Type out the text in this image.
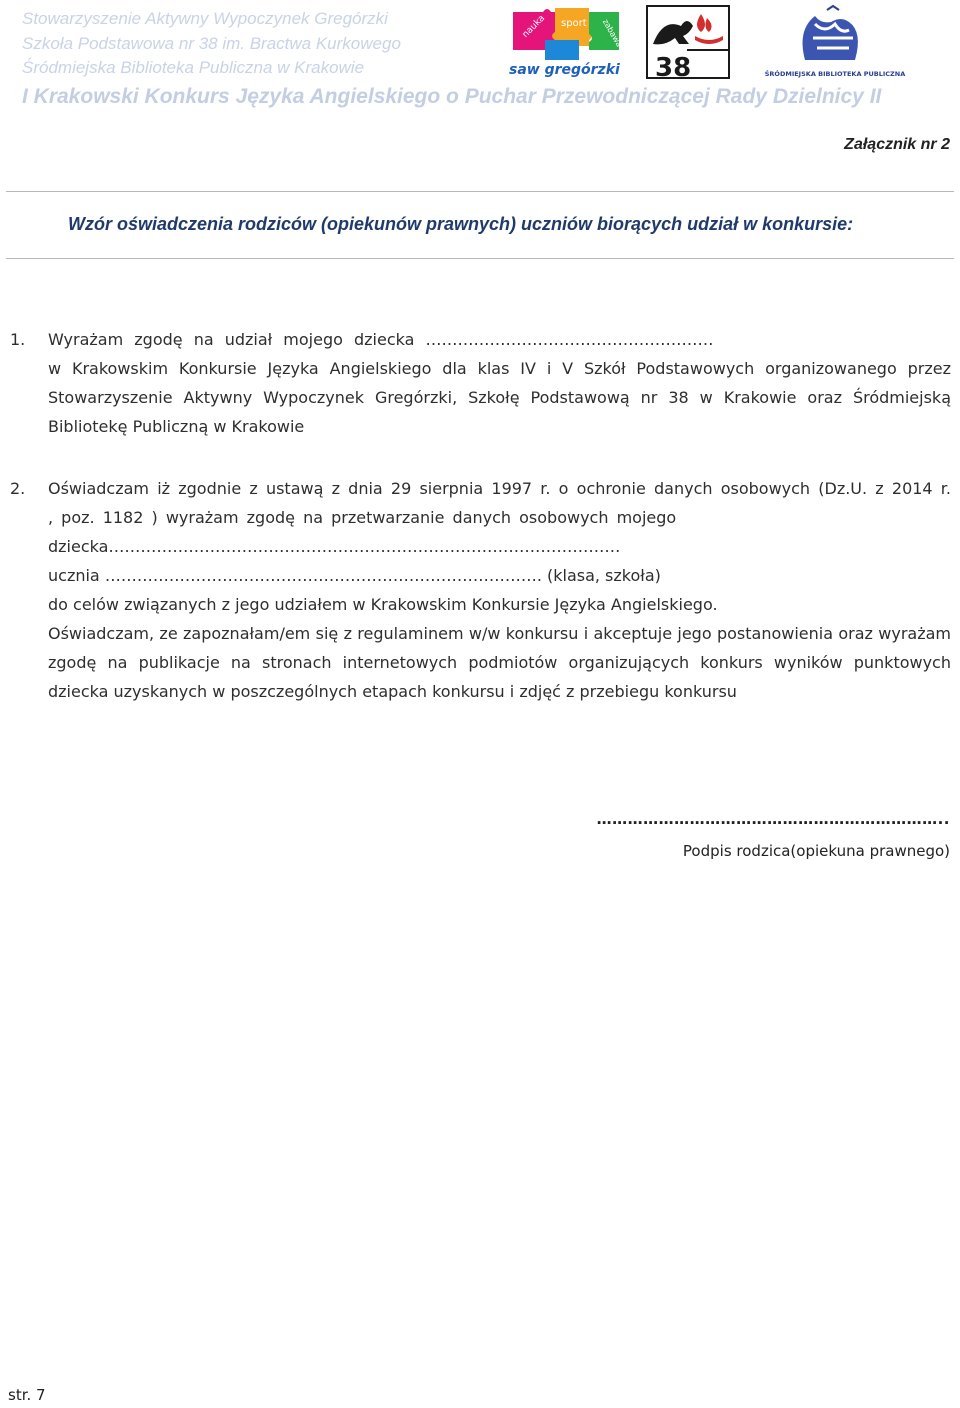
Stowarzyszenie Aktywny Wypoczynek Gregórzki
Szkoła Podstawowa nr 38 im. Bractwa Kurkowego
Śródmiejska Biblioteka Publiczna w Krakowie
I Krakowski Konkurs Języka Angielskiego o Puchar Przewodniczącej Rady Dzielnicy II
nauka sport zabawa
saw gregórzki 38	ŚRÓDMIEJSKA BIBLIOTEKA PUBLICZNA
Załącznik nr 2
Wzór oświadczenia rodziców (opiekunów prawnych) uczniów biorących udział w konkursie:
1. Wyrażam zgodę na udział mojego dziecka ………………………………………………

w Krakowskim Konkursie Języka Angielskiego dla klas IV i V Szkół Podstawowych organizowanego przez Stowarzyszenie Aktywny Wypoczynek Gregórzki, Szkołę Podstawową nr 38 w Krakowie oraz Śródmiejską Bibliotekę Publiczną w Krakowie

2. Oświadczam iż zgodnie z ustawą z dnia 29 sierpnia 1997 r. o ochronie danych osobowych (Dz.U. z 2014 r. , poz. 1182 ) wyrażam zgodę na przetwarzanie danych osobowych mojego

dziecka……………………………………………………………………………………

ucznia ………………………………………………………………………. (klasa, szkoła)

do celów związanych z jego udziałem w Krakowskim Konkursie Języka Angielskiego.

Oświadczam, ze zapoznałam/em się z regulaminem w/w konkursu i akceptuje jego postanowienia oraz wyrażam zgodę na publikacje na stronach internetowych podmiotów organizujących konkurs wyników punktowych dziecka uzyskanych w poszczególnych etapach konkursu i zdjęć z przebiegu konkursu

…………………………………………………………..
Podpis rodzica(opiekuna prawnego)
str. 7
